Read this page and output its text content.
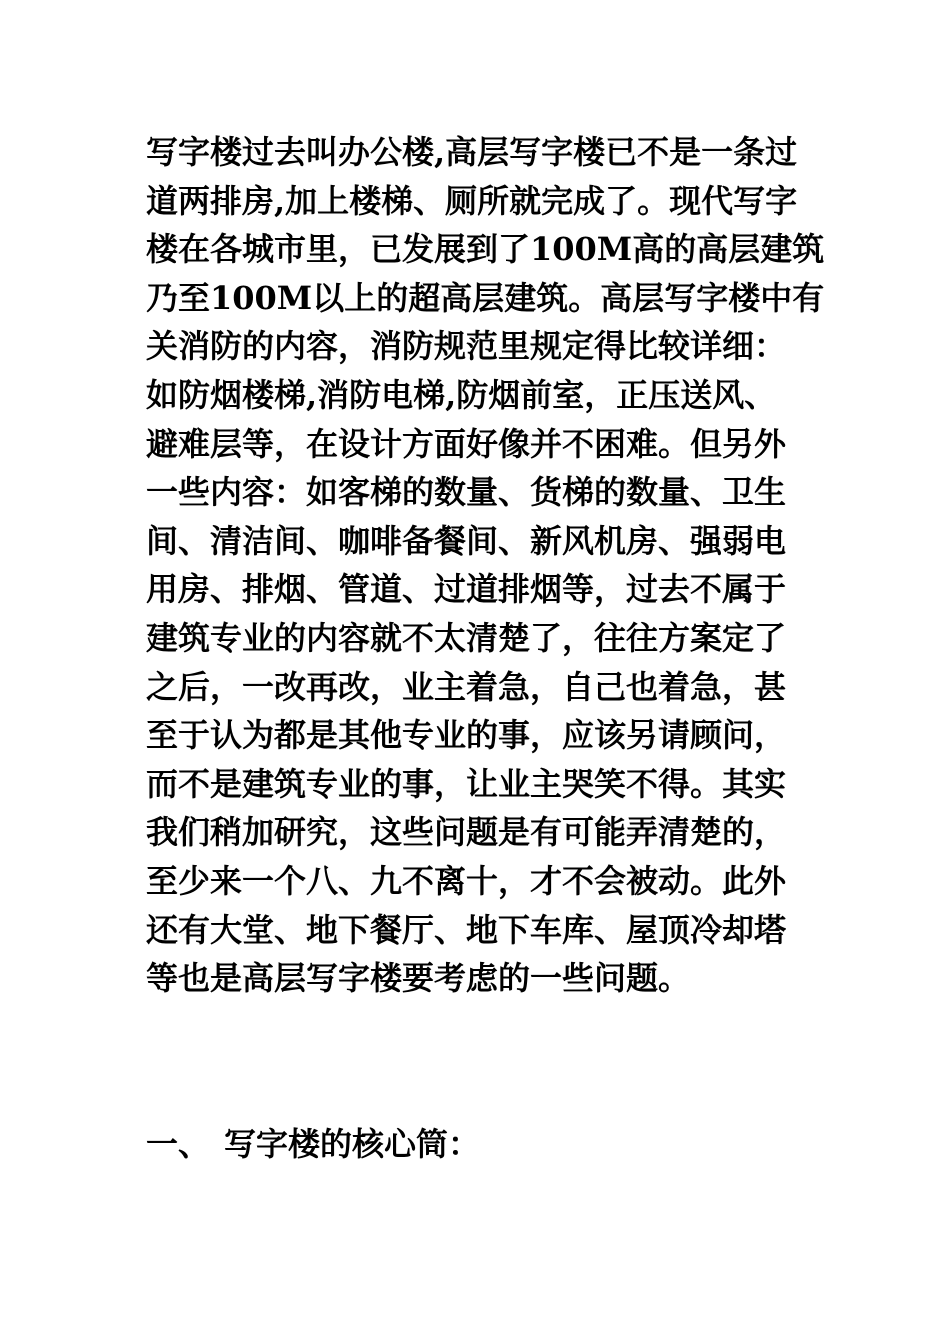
写字楼过去叫办公楼,高层写字楼已不是一条过
道两排房,加上楼梯、厕所就完成了。现代写字
楼在各城市里，已发展到了100M高的高层建筑
乃至100M以上的超高层建筑。高层写字楼中有
关消防的内容，消防规范里规定得比较详细：
如防烟楼梯,消防电梯,防烟前室，正压送风、
避难层等，在设计方面好像并不困难。但另外
一些内容：如客梯的数量、货梯的数量、卫生
间、清洁间、咖啡备餐间、新风机房、强弱电
用房、排烟、管道、过道排烟等，过去不属于
建筑专业的内容就不太清楚了，往往方案定了
之后，一改再改，业主着急，自己也着急，甚
至于认为都是其他专业的事，应该另请顾问，
而不是建筑专业的事，让业主哭笑不得。其实
我们稍加研究，这些问题是有可能弄清楚的，
至少来一个八、九不离十，才不会被动。此外
还有大堂、地下餐厅、地下车库、屋顶冷却塔
等也是高层写字楼要考虑的一些问题。
一、 写字楼的核心筒：
